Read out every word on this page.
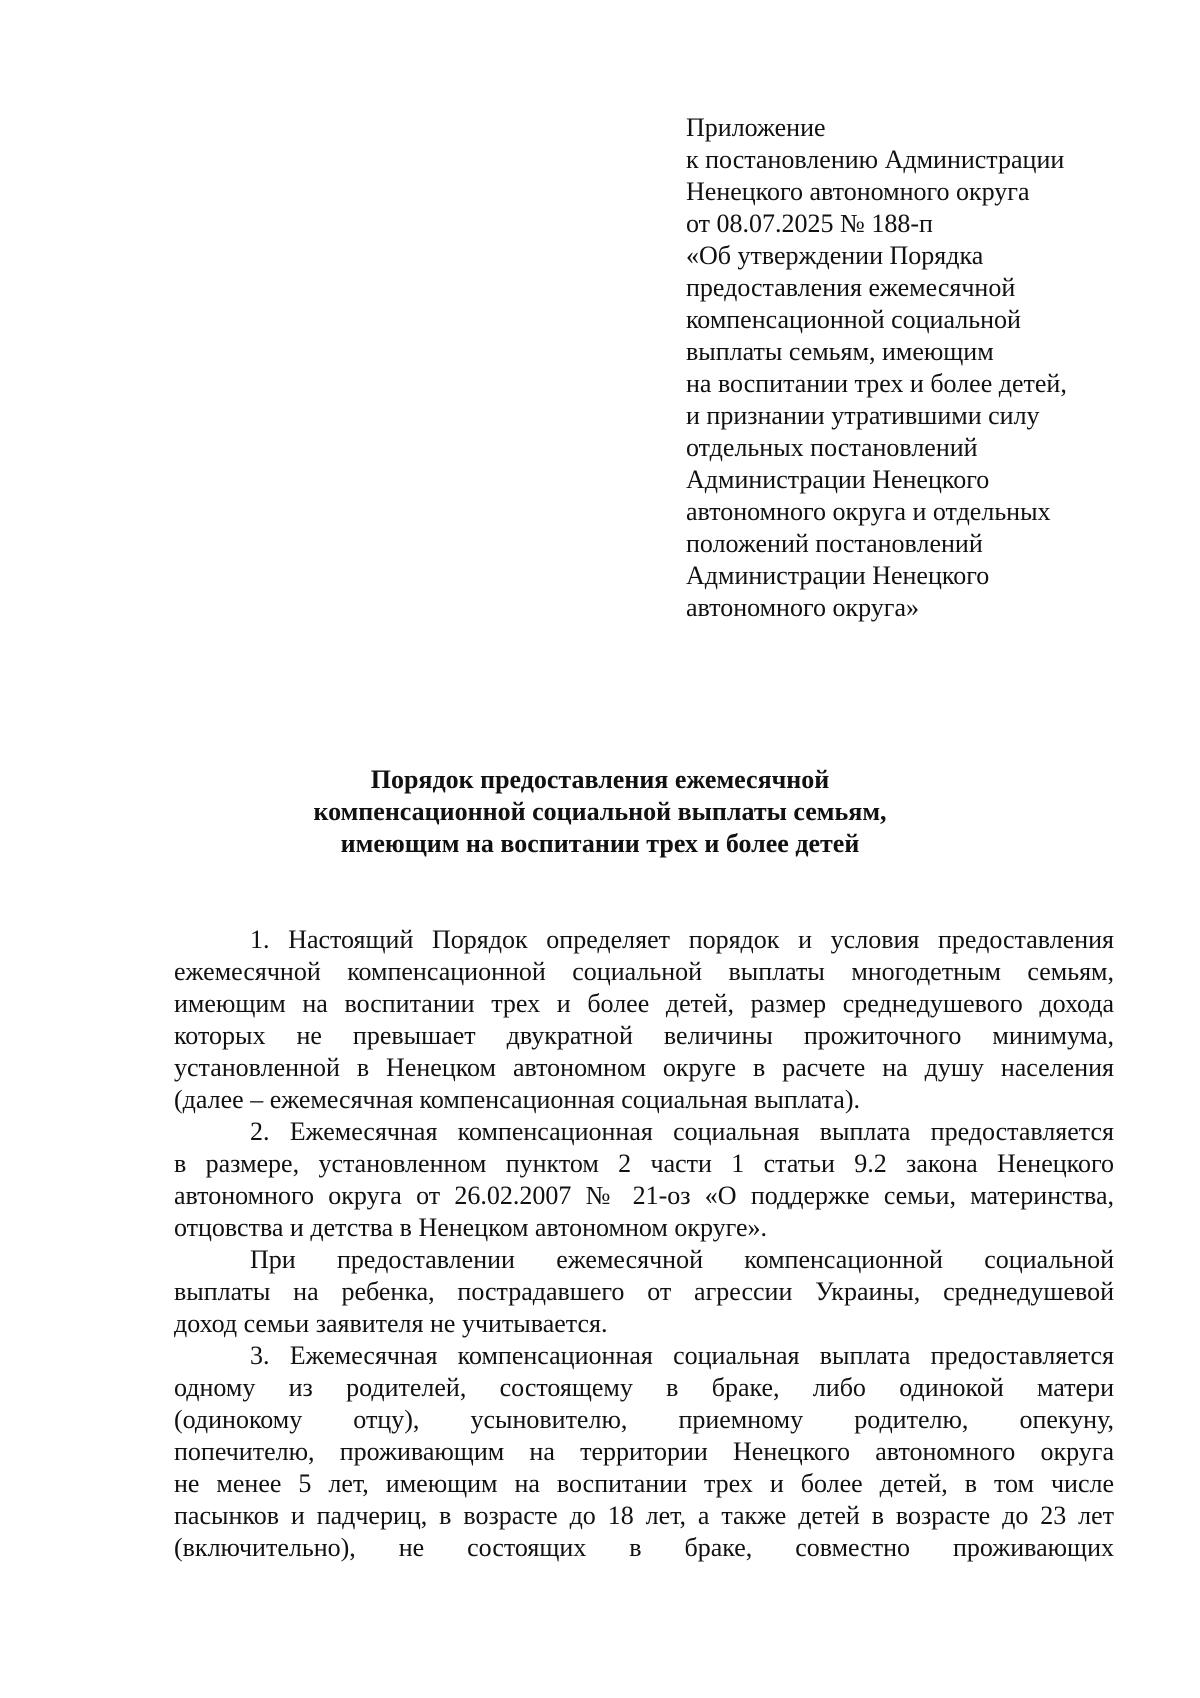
Приложение
к постановлению Администрации
Ненецкого автономного округа
от 08.07.2025 № 188-п
«Об утверждении Порядка
предоставления ежемесячной
компенсационной социальной
выплаты семьям, имеющим
на воспитании трех и более детей,
и признании утратившими силу
отдельных постановлений
Администрации Ненецкого
автономного округа и отдельных
положений постановлений
Администрации Ненецкого
автономного округа»
Порядок предоставления ежемесячной
компенсационной социальной выплаты семьям,
имеющим на воспитании трех и более детей
1. Настоящий Порядок определяет порядок и условия предоставления
ежемесячной компенсационной социальной выплаты многодетным семьям,
имеющим на воспитании трех и более детей, размер среднедушевого дохода
которых не превышает двукратной величины прожиточного минимума,
установленной в Ненецком автономном округе в расчете на душу населения
(далее – ежемесячная компенсационная социальная выплата).
2. Ежемесячная компенсационная социальная выплата предоставляется
в размере, установленном пунктом 2 части 1 статьи 9.2 закона Ненецкого
автономного округа от 26.02.2007 № 21-оз «О поддержке семьи, материнства,
отцовства и детства в Ненецком автономном округе».
При предоставлении ежемесячной компенсационной социальной
выплаты на ребенка, пострадавшего от агрессии Украины, среднедушевой
доход семьи заявителя не учитывается.
3. Ежемесячная компенсационная социальная выплата предоставляется
одному из родителей, состоящему в браке, либо одинокой матери
(одинокому отцу), усыновителю, приемному родителю, опекуну,
попечителю, проживающим на территории Ненецкого автономного округа
не менее 5 лет, имеющим на воспитании трех и более детей, в том числе
пасынков и падчериц, в возрасте до 18 лет, а также детей в возрасте до 23 лет
(включительно), не состоящих в браке, совместно проживающих
